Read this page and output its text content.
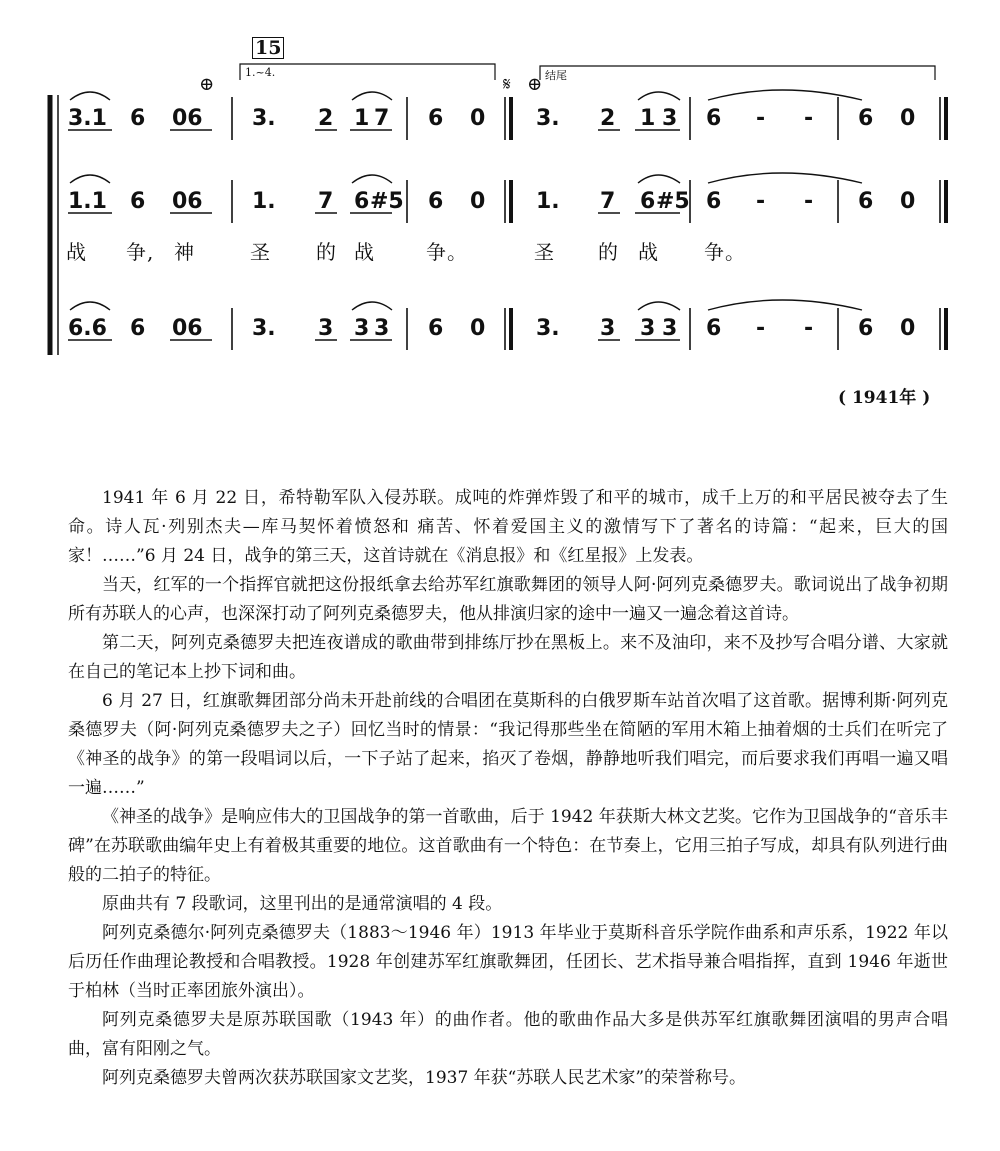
15
1.~4.	结尾
⊕	𝄋 ⊕
3.1 6 06 3. 2 1 7 6 0 3. 2 1 3 6 - - 6 0
1.1 6 06 1. 7 6 #5 6 0 1. 7 6 #5 6 - - 6 0
战 争, 神	圣 的 战	争。	圣 的 战 争。
6.6 6 06 3. 3 3 3 6 0 3. 3 3 3 6 - - 6 0
( 1941年 )

1941 年 6 月 22 日，希特勒军队入侵苏联。成吨的炸弹炸毁了和平的城市，成千上万的和平居民被夺去了生命。诗人瓦·列别杰夫—库马契怀着愤怒和 痛苦、怀着爱国主义的激情写下了著名的诗篇：“起来，巨大的国家！……”6 月 24 日，战争的第三天，这首诗就在《消息报》和《红星报》上发表。

当天，红军的一个指挥官就把这份报纸拿去给苏军红旗歌舞团的领导人阿·阿列克桑德罗夫。歌词说出了战争初期所有苏联人的心声，也深深打动了阿列克桑德罗夫，他从排演归家的途中一遍又一遍念着这首诗。

第二天，阿列克桑德罗夫把连夜谱成的歌曲带到排练厅抄在黑板上。来不及油印，来不及抄写合唱分谱、大家就在自己的笔记本上抄下词和曲。

6 月 27 日，红旗歌舞团部分尚未开赴前线的合唱团在莫斯科的白俄罗斯车站首次唱了这首歌。据博利斯·阿列克桑德罗夫（阿·阿列克桑德罗夫之子）回忆当时的情景：“我记得那些坐在简陋的军用木箱上抽着烟的士兵们在听完了《神圣的战争》的第一段唱词以后，一下子站了起来，掐灭了卷烟，静静地听我们唱完，而后要求我们再唱一遍又唱一遍……”

《神圣的战争》是响应伟大的卫国战争的第一首歌曲，后于 1942 年获斯大林文艺奖。它作为卫国战争的“音乐丰碑”在苏联歌曲编年史上有着极其重要的地位。这首歌曲有一个特色：在节奏上，它用三拍子写成，却具有队列进行曲般的二拍子的特征。

原曲共有 7 段歌词，这里刊出的是通常演唱的 4 段。

阿列克桑德尔·阿列克桑德罗夫（1883～1946 年）1913 年毕业于莫斯科音乐学院作曲系和声乐系，1922 年以后历任作曲理论教授和合唱教授。1928 年创建苏军红旗歌舞团，任团长、艺术指导兼合唱指挥，直到 1946 年逝世于柏林（当时正率团旅外演出）。

阿列克桑德罗夫是原苏联国歌（1943 年）的曲作者。他的歌曲作品大多是供苏军红旗歌舞团演唱的男声合唱曲，富有阳刚之气。

阿列克桑德罗夫曾两次获苏联国家文艺奖，1937 年获“苏联人民艺术家”的荣誉称号。
